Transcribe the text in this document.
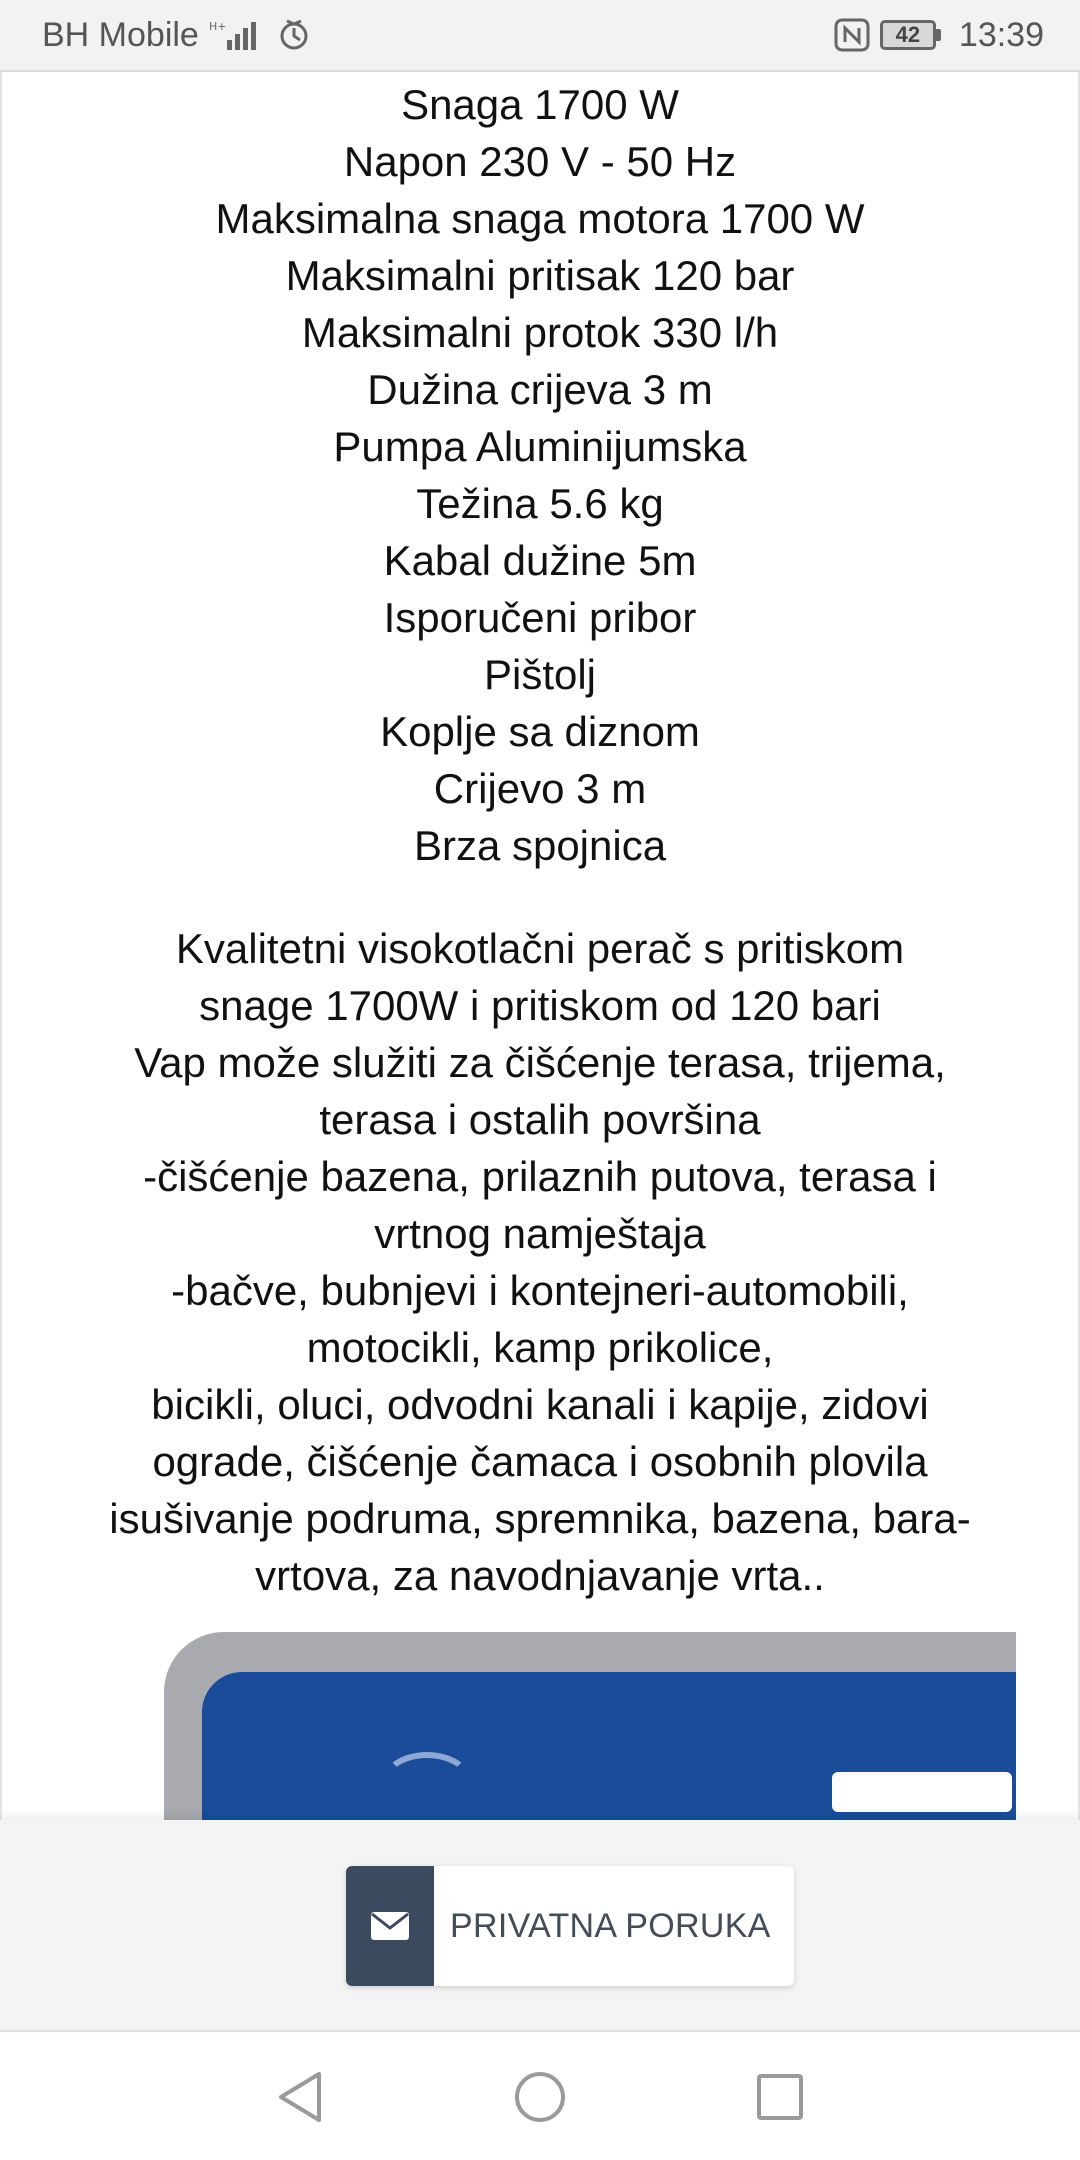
BH Mobile H+	42	13:39
Snaga 1700 W
Napon 230 V - 50 Hz
Maksimalna snaga motora 1700 W
Maksimalni pritisak 120 bar
Maksimalni protok 330 l/h
Dužina crijeva 3 m
Pumpa Aluminijumska
Težina 5.6 kg
Kabal dužine 5m
Isporučeni pribor
Pištolj
Koplje sa diznom
Crijevo 3 m
Brza spojnica

Kvalitetni visokotlačni perač s pritiskom

snage 1700W i pritiskom od 120 bari

Vap može služiti za čišćenje terasa, trijema,

terasa i ostalih površina

-čišćenje bazena, prilaznih putova, terasa i

vrtnog namještaja

-bačve, bubnjevi i kontejneri-automobili,

motocikli, kamp prikolice,

bicikli, oluci, odvodni kanali i kapije, zidovi

ograde, čišćenje čamaca i osobnih plovila

isušivanje podruma, spremnika, bazena, bara-

vrtova, za navodnjavanje vrta..

PRIVATNA PORUKA
